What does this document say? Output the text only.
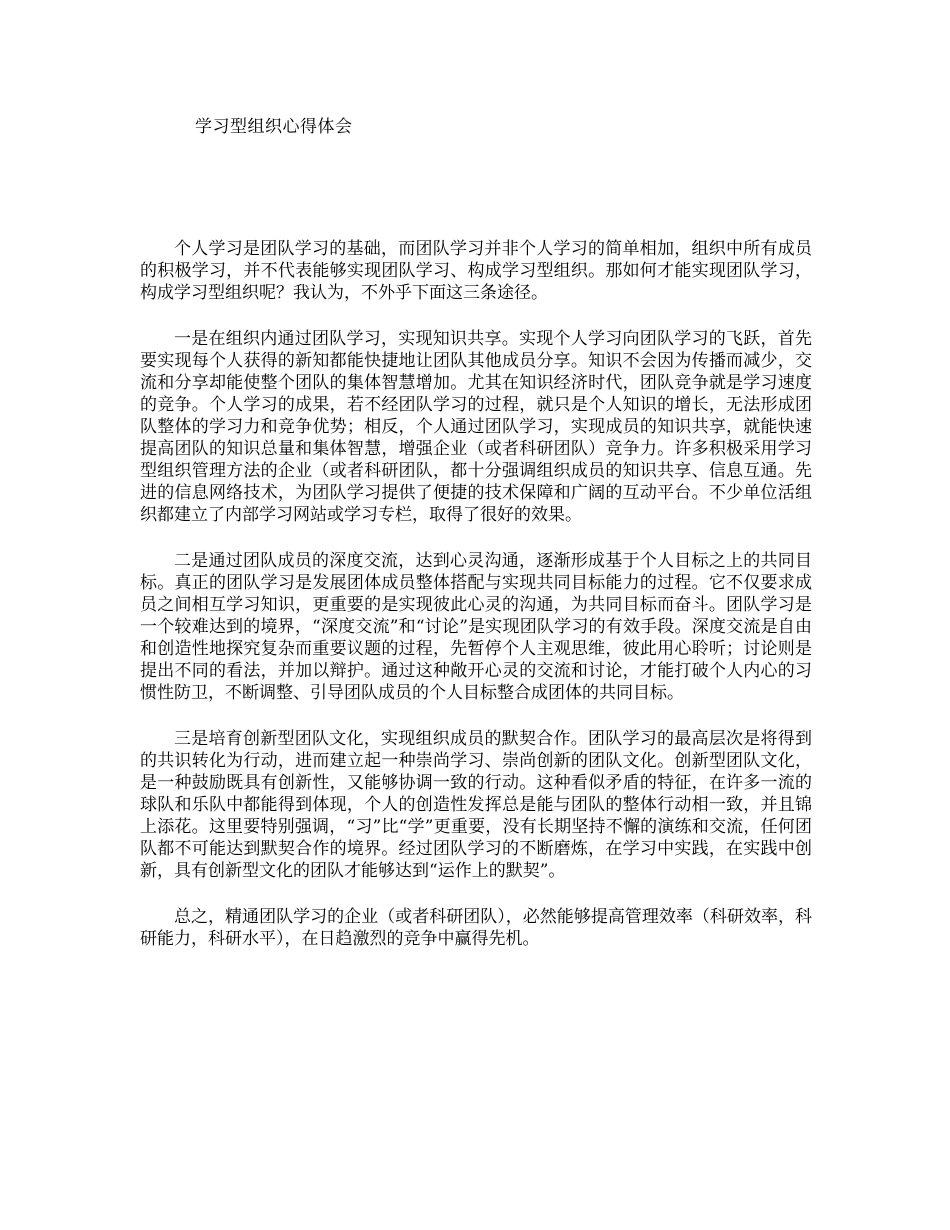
学习型组织心得体会

个人学习是团队学习的基础，而团队学习并非个人学习的简单相加，组织中所有成员的积极学习，并不代表能够实现团队学习、构成学习型组织。那如何才能实现团队学习，构成学习型组织呢？我认为，不外乎下面这三条途径。

一是在组织内通过团队学习，实现知识共享。实现个人学习向团队学习的飞跃，首先要实现每个人获得的新知都能快捷地让团队其他成员分享。知识不会因为传播而减少，交流和分享却能使整个团队的集体智慧增加。尤其在知识经济时代，团队竞争就是学习速度的竞争。个人学习的成果，若不经团队学习的过程，就只是个人知识的增长，无法形成团队整体的学习力和竞争优势；相反，个人通过团队学习，实现成员的知识共享，就能快速提高团队的知识总量和集体智慧，增强企业（或者科研团队）竞争力。许多积极采用学习型组织管理方法的企业（或者科研团队，都十分强调组织成员的知识共享、信息互通。先进的信息网络技术，为团队学习提供了便捷的技术保障和广阔的互动平台。不少单位活组织都建立了内部学习网站或学习专栏，取得了很好的效果。

二是通过团队成员的深度交流，达到心灵沟通，逐渐形成基于个人目标之上的共同目标。真正的团队学习是发展团体成员整体搭配与实现共同目标能力的过程。它不仅要求成员之间相互学习知识，更重要的是实现彼此心灵的沟通，为共同目标而奋斗。团队学习是一个较难达到的境界，“深度交流”和“讨论”是实现团队学习的有效手段。深度交流是自由和创造性地探究复杂而重要议题的过程，先暂停个人主观思维，彼此用心聆听；讨论则是提出不同的看法，并加以辩护。通过这种敞开心灵的交流和讨论，才能打破个人内心的习惯性防卫，不断调整、引导团队成员的个人目标整合成团体的共同目标。

三是培育创新型团队文化，实现组织成员的默契合作。团队学习的最高层次是将得到的共识转化为行动，进而建立起一种崇尚学习、崇尚创新的团队文化。创新型团队文化，是一种鼓励既具有创新性，又能够协调一致的行动。这种看似矛盾的特征，在许多一流的球队和乐队中都能得到体现，个人的创造性发挥总是能与团队的整体行动相一致，并且锦上添花。这里要特别强调，“习”比“学”更重要，没有长期坚持不懈的演练和交流，任何团队都不可能达到默契合作的境界。经过团队学习的不断磨炼，在学习中实践，在实践中创新，具有创新型文化的团队才能够达到“运作上的默契”。

总之，精通团队学习的企业（或者科研团队），必然能够提高管理效率（科研效率，科研能力，科研水平），在日趋激烈的竞争中赢得先机。
